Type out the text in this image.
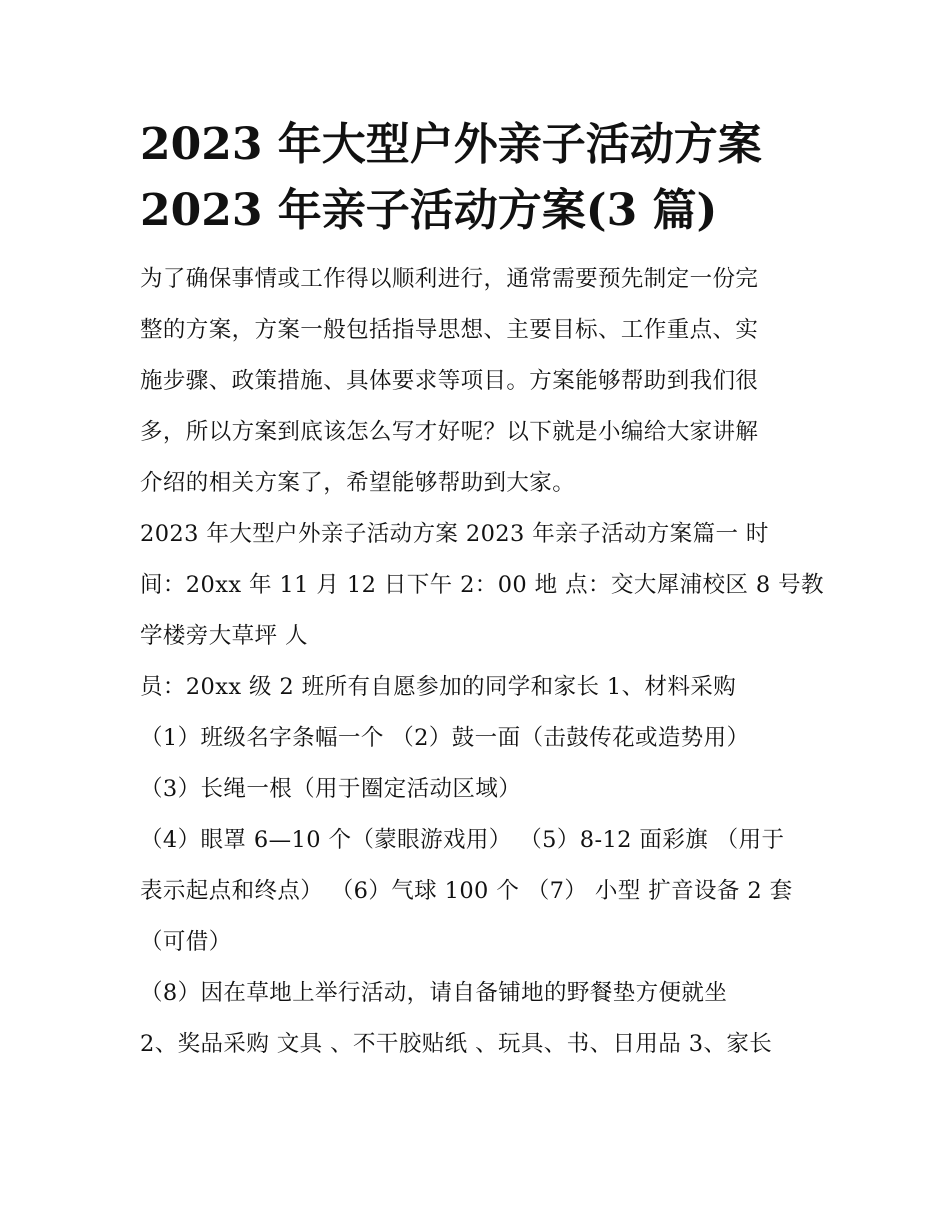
2023 年大型户外亲子活动方案
2023 年亲子活动方案(3 篇)
为了确保事情或工作得以顺利进行，通常需要预先制定一份完
整的方案，方案一般包括指导思想、主要目标、工作重点、实
施步骤、政策措施、具体要求等项目。方案能够帮助到我们很
多，所以方案到底该怎么写才好呢？以下就是小编给大家讲解
介绍的相关方案了，希望能够帮助到大家。
2023 年大型户外亲子活动方案 2023 年亲子活动方案篇一 时
间：20xx 年 11 月 12 日下午 2：00 地 点：交大犀浦校区 8 号教
学楼旁大草坪 人
员：20xx 级 2 班所有自愿参加的同学和家长 1、材料采购
（1）班级名字条幅一个 （2）鼓一面（击鼓传花或造势用）
（3）长绳一根（用于圈定活动区域）
（4）眼罩 6—10 个（蒙眼游戏用） （5）8-12 面彩旗 （用于
表示起点和终点） （6）气球 100 个 （7） 小型 扩音设备 2 套
（可借）
（8）因在草地上举行活动，请自备铺地的野餐垫方便就坐
2、奖品采购 文具 、不干胶贴纸 、玩具、书、日用品 3、家长
